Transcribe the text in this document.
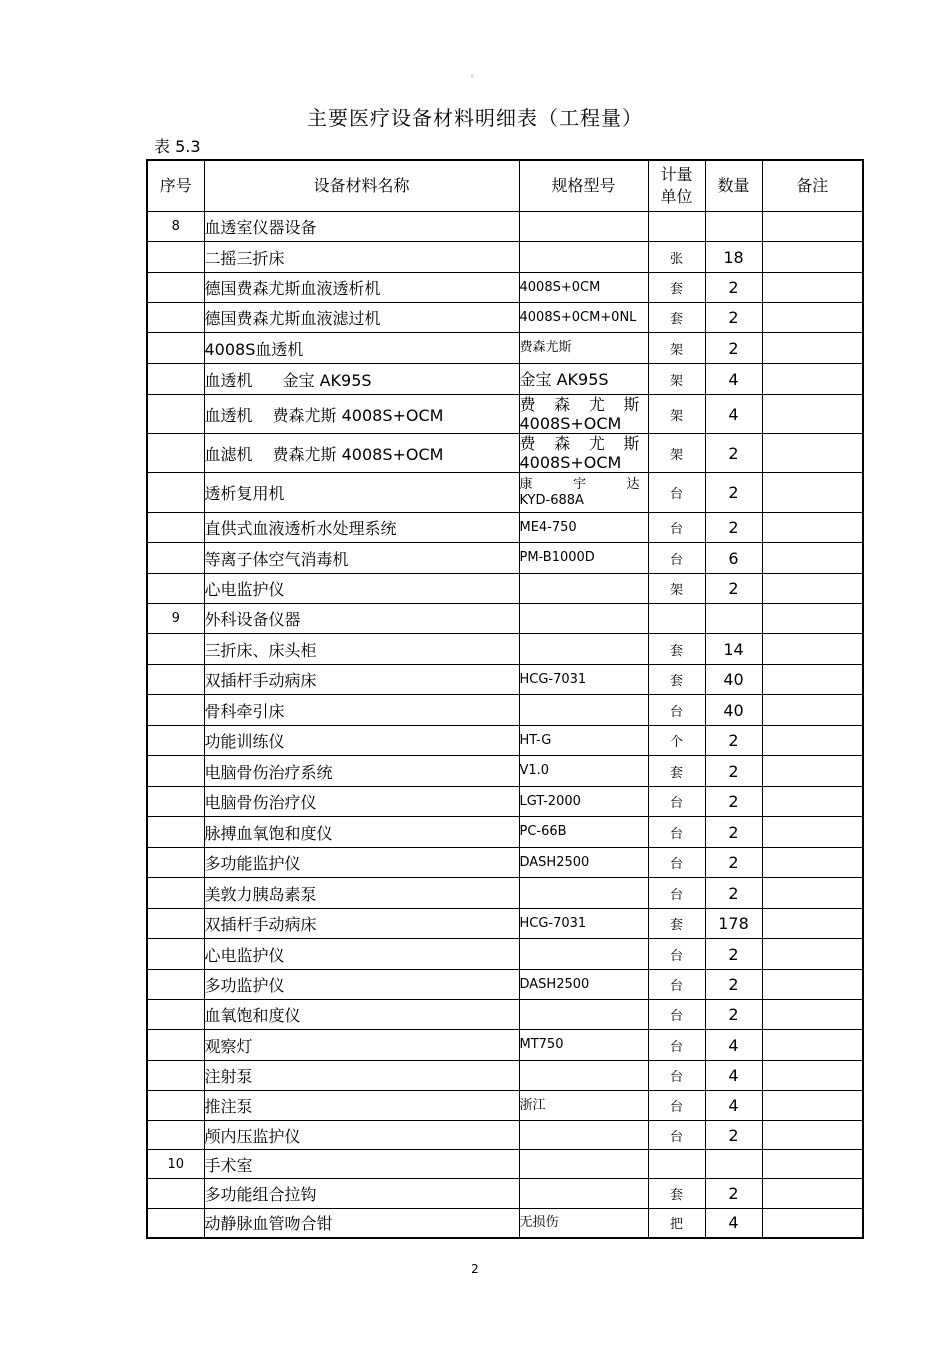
。
主要医疗设备材料明细表（工程量）
表 5.3
序号	设备材料名称	规格型号	计量
单位	数量	备注
8	血透室仪器设备				
	二摇三折床		张	18	
	德国费森尤斯血液透析机	4008S+0CM	套	2	
	德国费森尤斯血液滤过机	4008S+0CM+0NL	套	2	
	4008S血透机	费森尤斯	架	2	
	血透机 金宝 AK95S	金宝 AK95S	架	4	
	血透机 费森尤斯 4008S+OCM	费 森 尤 斯
4008S+OCM	架	4	
	血滤机 费森尤斯 4008S+OCM	费 森 尤 斯
4008S+OCM	架	2	
	透析复用机	康 宇 达
KYD-688A	台	2	
	直供式血液透析水处理系统	ME4-750	台	2	
	等离子体空气消毒机	PM-B1000D	台	6	
	心电监护仪		架	2	
9	外科设备仪器				
	三折床、床头柜		套	14	
	双插杆手动病床	HCG-7031	套	40	
	骨科牵引床		台	40	
	功能训练仪	HT-G	个	2	
	电脑骨伤治疗系统	V1.0	套	2	
	电脑骨伤治疗仪	LGT-2000	台	2	
	脉搏血氧饱和度仪	PC-66B	台	2	
	多功能监护仪	DASH2500	台	2	
	美敦力胰岛素泵		台	2	
	双插杆手动病床	HCG-7031	套	178	
	心电监护仪		台	2	
	多功监护仪	DASH2500	台	2	
	血氧饱和度仪		台	2	
	观察灯	MT750	台	4	
	注射泵		台	4	
	推注泵	浙江	台	4	
	颅内压监护仪		台	2	
10	手术室				
	多功能组合拉钩		套	2	
	动静脉血管吻合钳	无损伤	把	4	
2
